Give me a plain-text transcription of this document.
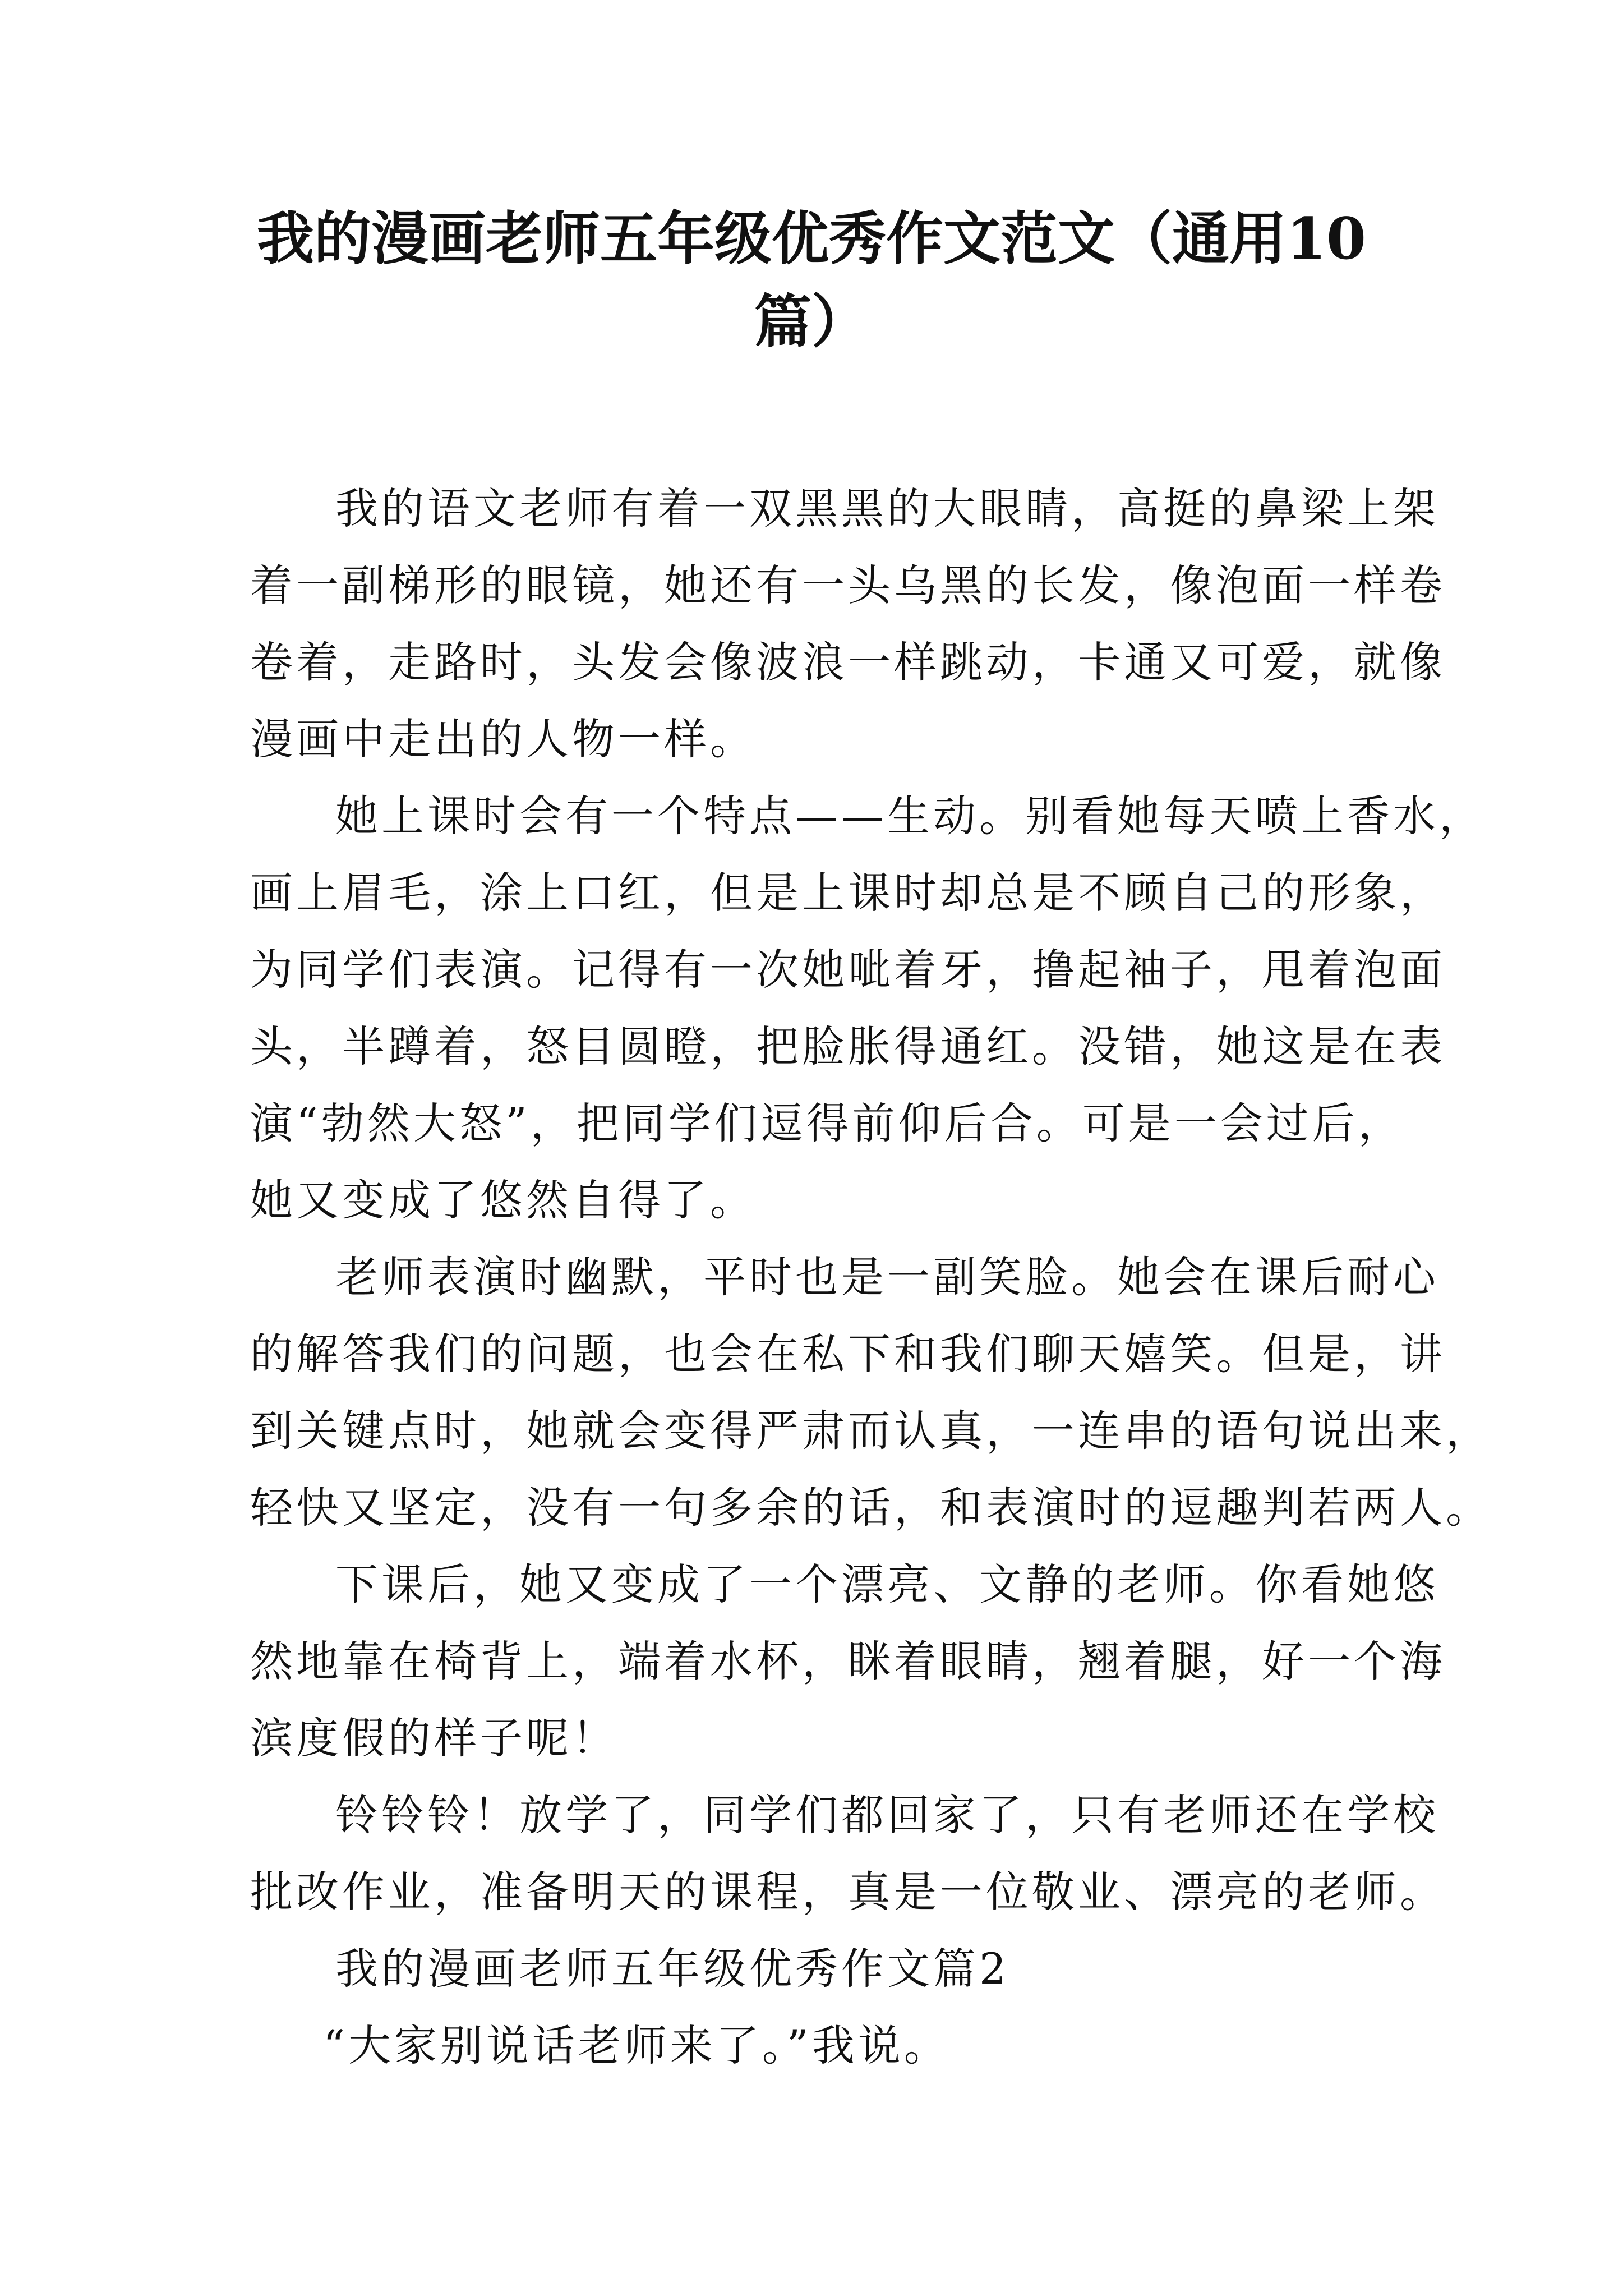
我的漫画老师五年级优秀作文范文（通用10
篇）
我的语文老师有着一双黑黑的大眼睛，高挺的鼻梁上架
着一副梯形的眼镜，她还有一头乌黑的长发，像泡面一样卷
卷着，走路时，头发会像波浪一样跳动，卡通又可爱，就像
漫画中走出的人物一样。
她上课时会有一个特点——生动。别看她每天喷上香水，
画上眉毛，涂上口红，但是上课时却总是不顾自己的形象，
为同学们表演。记得有一次她呲着牙，撸起袖子，甩着泡面
头，半蹲着，怒目圆瞪，把脸胀得通红。没错，她这是在表
演“勃然大怒”，把同学们逗得前仰后合。可是一会过后，
她又变成了悠然自得了。
老师表演时幽默，平时也是一副笑脸。她会在课后耐心
的解答我们的问题，也会在私下和我们聊天嬉笑。但是，讲
到关键点时，她就会变得严肃而认真，一连串的语句说出来，
轻快又坚定，没有一句多余的话，和表演时的逗趣判若两人。
下课后，她又变成了一个漂亮、文静的老师。你看她悠
然地靠在椅背上，端着水杯，眯着眼睛，翘着腿，好一个海
滨度假的样子呢！
铃铃铃！放学了，同学们都回家了，只有老师还在学校
批改作业，准备明天的课程，真是一位敬业、漂亮的老师。
我的漫画老师五年级优秀作文篇2
“大家别说话老师来了。”我说。
